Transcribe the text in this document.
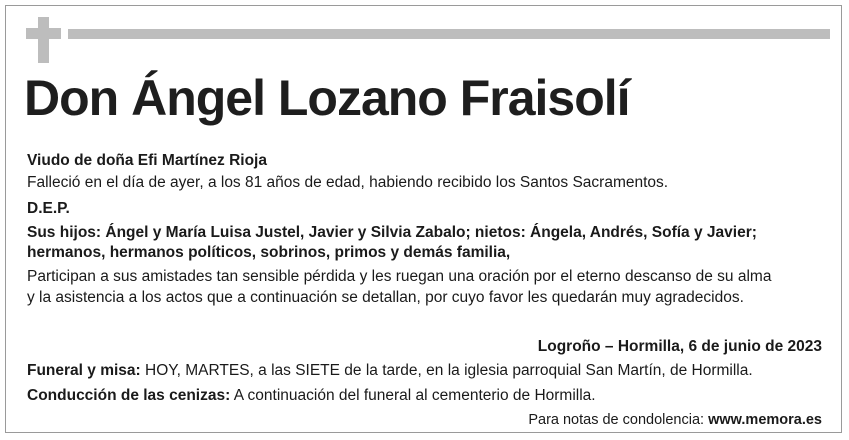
Don Ángel Lozano Fraisolí

Viudo de doña Efi Martínez Rioja

Falleció en el día de ayer, a los 81 años de edad, habiendo recibido los Santos Sacramentos.

D.E.P.

Sus hijos: Ángel y María Luisa Justel, Javier y Silvia Zabalo; nietos: Ángela, Andrés, Sofía y Javier;

hermanos, hermanos políticos, sobrinos, primos y demás familia,

Participan a sus amistades tan sensible pérdida y les ruegan una oración por el eterno descanso de su alma

y la asistencia a los actos que a continuación se detallan, por cuyo favor les quedarán muy agradecidos.

Logroño – Hormilla, 6 de junio de 2023

Funeral y misa: HOY, MARTES, a las SIETE de la tarde, en la iglesia parroquial San Martín, de Hormilla.

Conducción de las cenizas: A continuación del funeral al cementerio de Hormilla.

Para notas de condolencia: www.memora.es
